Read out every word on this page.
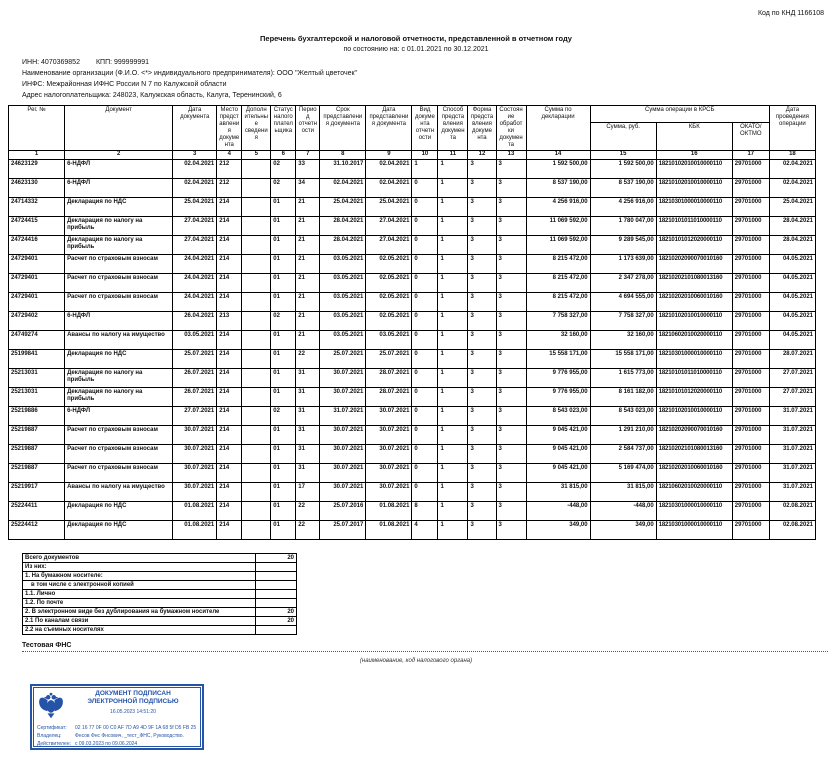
Код по КНД 1166108
Перечень бухгалтерской и налоговой отчетности, представленной в отчетном году
по состоянию на: с 01.01.2021 по 30.12.2021
ИНН: 4070369852 КПП: 999999991
Наименование организации (Ф.И.О. <*> индивидуального предпринимателя): ООО "Желтый цветочек"
ИНФС: Межрайонная ИФНС России N 7 по Калужской области
Адрес налогоплательщика: 248023, Калужская область, Калуга, Теренинский, 6
Рег. №	Документ	Дата документа	Место представления документа	Дополнительные сведения	Статус налогоплательщика	Период отчетности	Срок представления документа	Дата представления документа	Вид документа отчетности	Способ представления документа	Форма представления документа	Состояние обработки документа	Сумма по декларации	Сумма операции в КРСБ			Дата проведения операции
														Сумма, руб.	КБК	ОКАТО/ОКТМО	
1	2	3	4	5	6	7	8	9	10	11	12	13	14	15	16	17	18
24623129	6-НДФЛ	02.04.2021	212		02	33	31.10.2017	02.04.2021	1	1	3	3	1 592 500,00	1 592 500,00	18210102010010000110	29701000	02.04.2021
24623130	6-НДФЛ	02.04.2021	212		02	34	02.04.2021	02.04.2021	0	1	3	3	8 537 190,00	8 537 190,00	18210102010010000110	29701000	02.04.2021
24714332	Декларация по НДС	25.04.2021	214		01	21	25.04.2021	25.04.2021	0	1	3	3	4 256 916,00	4 256 916,00	18210301000010000110	29701000	25.04.2021
24724415	Декларация по налогу на прибыль	27.04.2021	214		01	21	28.04.2021	27.04.2021	0	1	3	3	11 069 592,00	1 780 047,00	18210101011010000110	29701000	28.04.2021
24724416	Декларация по налогу на прибыль	27.04.2021	214		01	21	28.04.2021	27.04.2021	0	1	3	3	11 069 592,00	9 289 545,00	18210101012020000110	29701000	28.04.2021
24729401	Расчет по страховым взносам	24.04.2021	214		01	21	03.05.2021	02.05.2021	0	1	3	3	8 215 472,00	1 173 639,00	18210202090070010160	29701000	04.05.2021
24729401	Расчет по страховым взносам	24.04.2021	214		01	21	03.05.2021	02.05.2021	0	1	3	3	8 215 472,00	2 347 278,00	18210202101080013160	29701000	04.05.2021
24729401	Расчет по страховым взносам	24.04.2021	214		01	21	03.05.2021	02.05.2021	0	1	3	3	8 215 472,00	4 694 555,00	18210202010060010160	29701000	04.05.2021
24729402	6-НДФЛ	26.04.2021	213		02	21	03.05.2021	02.05.2021	0	1	3	3	7 758 327,00	7 758 327,00	18210102010010000110	29701000	04.05.2021
24749274	Авансы по налогу на имущество	03.05.2021	214		01	21	03.05.2021	03.05.2021	0	1	3	3	32 160,00	32 160,00	18210602010020000110	29701000	04.05.2021
25199841	Декларация по НДС	25.07.2021	214		01	22	25.07.2021	25.07.2021	0	1	3	3	15 558 171,00	15 558 171,00	18210301000010000110	29701000	28.07.2021
25213031	Декларация по налогу на прибыль	26.07.2021	214		01	31	30.07.2021	28.07.2021	0	1	3	3	9 776 955,00	1 615 773,00	18210101011010000110	29701000	27.07.2021
25213031	Декларация по налогу на прибыль	26.07.2021	214		01	31	30.07.2021	28.07.2021	0	1	3	3	9 776 955,00	8 161 182,00	18210101012020000110	29701000	27.07.2021
25219886	6-НДФЛ	27.07.2021	214		02	31	31.07.2021	30.07.2021	0	1	3	3	8 543 023,00	8 543 023,00	18210102010010000110	29701000	31.07.2021
25219887	Расчет по страховым взносам	30.07.2021	214		01	31	30.07.2021	30.07.2021	0	1	3	3	9 045 421,00	1 291 210,00	18210202090070010160	29701000	31.07.2021
25219887	Расчет по страховым взносам	30.07.2021	214		01	31	30.07.2021	30.07.2021	0	1	3	3	9 045 421,00	2 584 737,00	18210202101080013160	29701000	31.07.2021
25219887	Расчет по страховым взносам	30.07.2021	214		01	31	30.07.2021	30.07.2021	0	1	3	3	9 045 421,00	5 169 474,00	18210202010060010160	29701000	31.07.2021
25219917	Авансы по налогу на имущество	30.07.2021	214		01	17	30.07.2021	30.07.2021	0	1	3	3	31 815,00	31 815,00	18210602010020000110	29701000	31.07.2021
25224411	Декларация по НДС	01.08.2021	214		01	22	25.07.2016	01.08.2021	8	1	3	3	-448,00	-448,00	18210301000010000110	29701000	02.08.2021
25224412	Декларация по НДС	01.08.2021	214		01	22	25.07.2017	01.08.2021	4	1	3	3	349,00	349,00	18210301000010000110	29701000	02.08.2021
Всего документов	20
Из них:	
1. На бумажном носителе:	
в том числе с электронной копией	
1.1. Лично	
1.2. По почте	
2. В электронном виде без дублирования на бумажном носителе	20
2.1 По каналам связи	20
2.2 на съемных носителях	
Тестовая ФНС
(наименование, код налогового органа)
ДОКУМЕНТ ПОДПИСАН
ЭЛЕКТРОННОЙ ПОДПИСЬЮ
16.05.2023 14:51:20
Сертификат:	02 16 77 0F 00 C0 AF 7D A9 4D 9F 1A 68 5f D5 FB 25
Владелец:	Фнсов Фнс Фнсович, _тест_ФНС, Руководство.
Действителен: с 09.03.2023 по 09.06.2024
